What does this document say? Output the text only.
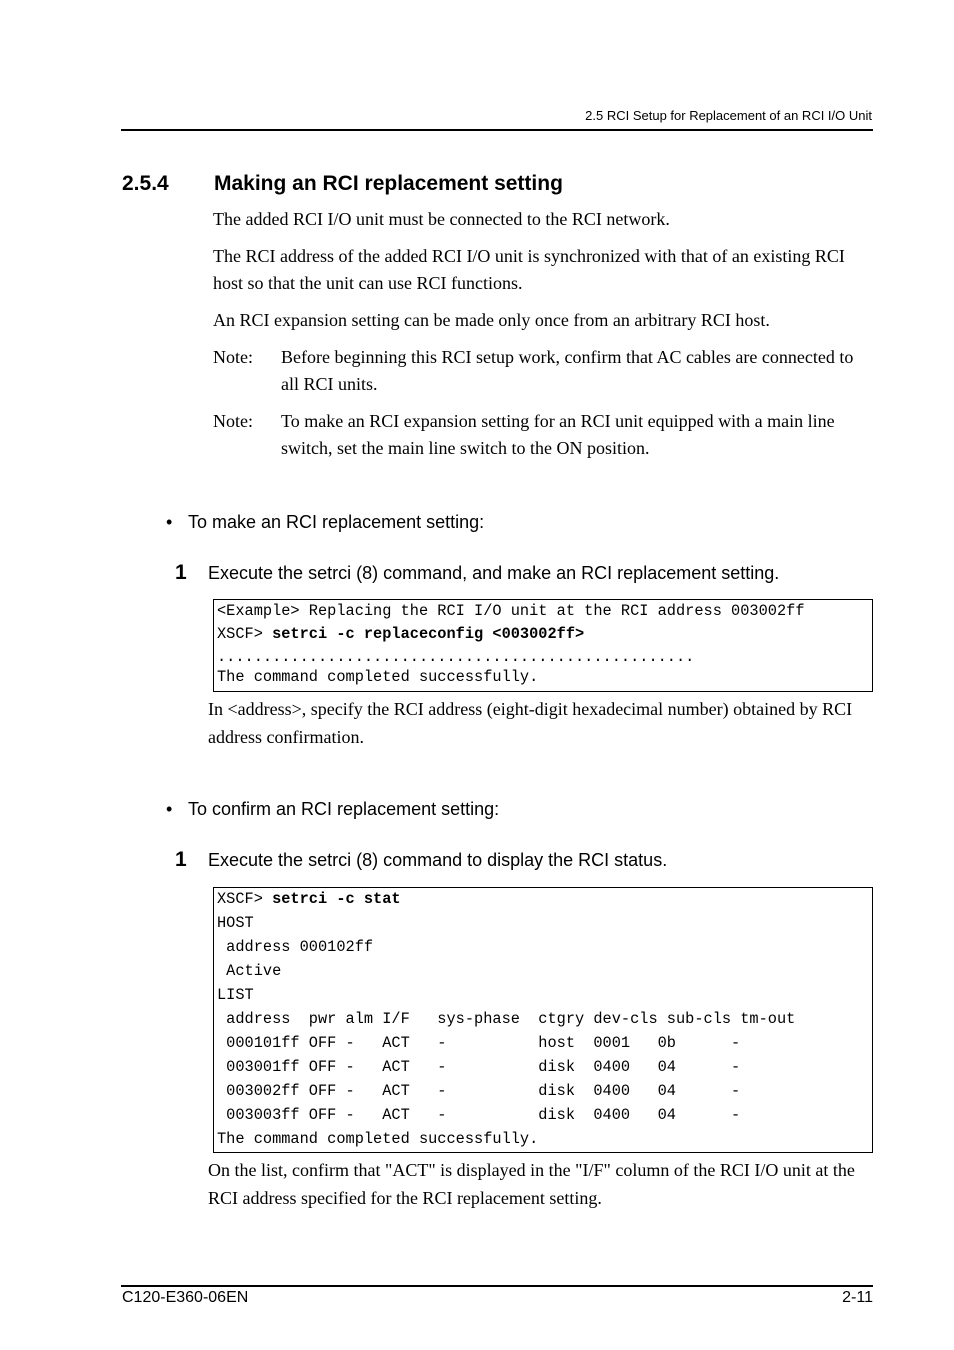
2.5 RCI Setup for Replacement of an RCI I/O Unit
2.5.4 Making an RCI replacement setting
The added RCI I/O unit must be connected to the RCI network.
The RCI address of the added RCI I/O unit is synchronized with that of an existing RCI host so that the unit can use RCI functions.
An RCI expansion setting can be made only once from an arbitrary RCI host.
Note: Before beginning this RCI setup work, confirm that AC cables are connected to all RCI units.
Note: To make an RCI expansion setting for an RCI unit equipped with a main line switch, set the main line switch to the ON position.
• To make an RCI replacement setting:
1 Execute the setrci (8) command, and make an RCI replacement setting.
<Example> Replacing the RCI I/O unit at the RCI address 003002ff
XSCF> setrci -c replaceconfig <003002ff>
....................................................
The command completed successfully.
In <address>, specify the RCI address (eight-digit hexadecimal number) obtained by RCI address confirmation.
• To confirm an RCI replacement setting:
1 Execute the setrci (8) command to display the RCI status.
XSCF> setrci -c stat
HOST
address 000102ff
Active
LIST
address  pwr alm I/F   sys-phase  ctgry dev-cls sub-cls tm-out
000101ff OFF -   ACT   -          host  0001   0b      -
003001ff OFF -   ACT   -          disk  0400   04      -
003002ff OFF -   ACT   -          disk  0400   04      -
003003ff OFF -   ACT   -          disk  0400   04      -
The command completed successfully.
On the list, confirm that "ACT" is displayed in the "I/F" column of the RCI I/O unit at the RCI address specified for the RCI replacement setting.
C120-E360-06EN	2-11
